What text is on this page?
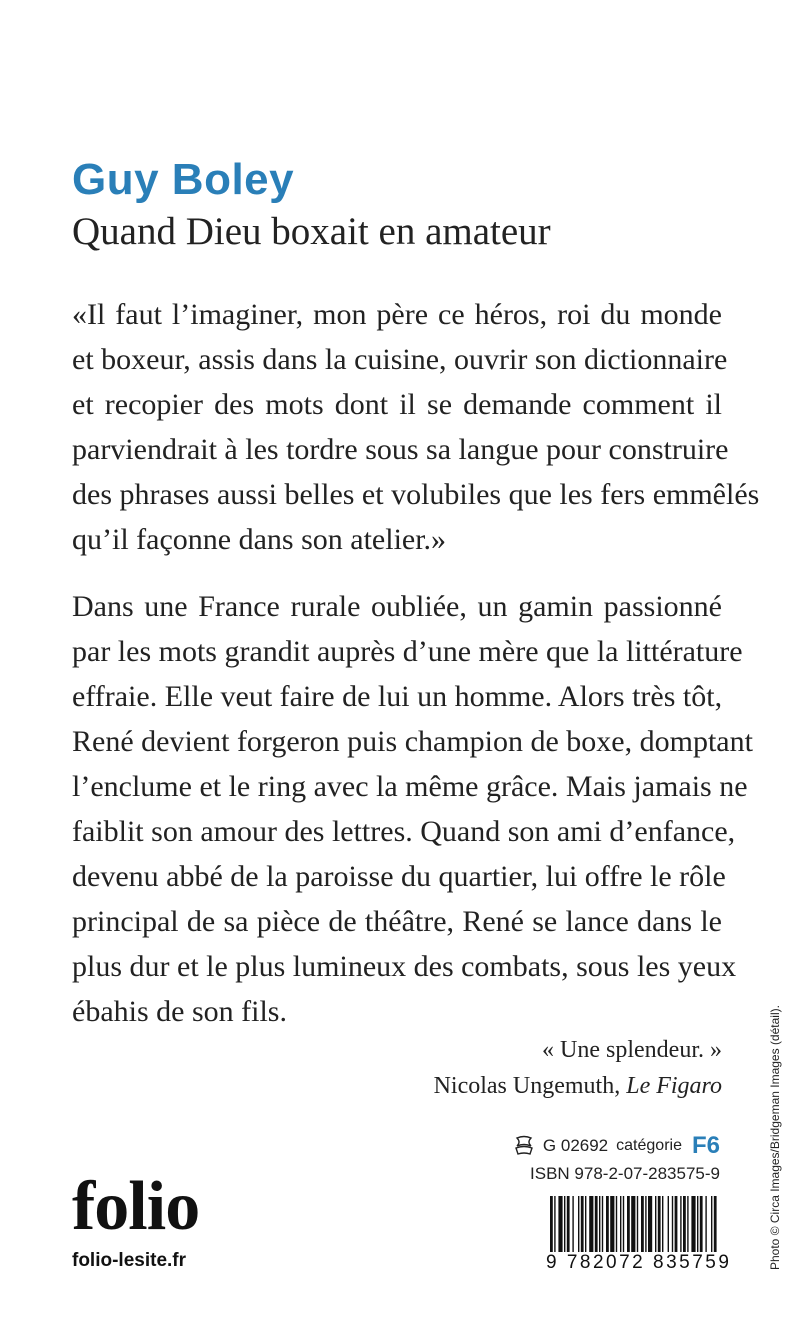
Guy Boley
Quand Dieu boxait en amateur
«Il faut l’imaginer, mon père ce héros, roi du monde
et boxeur, assis dans la cuisine, ouvrir son dictionnaire
et recopier des mots dont il se demande comment il
parviendrait à les tordre sous sa langue pour construire
des phrases aussi belles et volubiles que les fers emmêlés
qu’il façonne dans son atelier.»
Dans une France rurale oubliée, un gamin passionné
par les mots grandit auprès d’une mère que la littérature
effraie. Elle veut faire de lui un homme. Alors très tôt,
René devient forgeron puis champion de boxe, domptant
l’enclume et le ring avec la même grâce. Mais jamais ne
faiblit son amour des lettres. Quand son ami d’enfance,
devenu abbé de la paroisse du quartier, lui offre le rôle
principal de sa pièce de théâtre, René se lance dans le
plus dur et le plus lumineux des combats, sous les yeux
ébahis de son fils.
« Une splendeur. »
Nicolas Ungemuth, Le Figaro
G 02692 catégorie F6
ISBN 978-2-07-283575-9
9 782072 835759
folio
folio-lesite.fr	Photo © Circa Images/Bridgeman Images (détail).
